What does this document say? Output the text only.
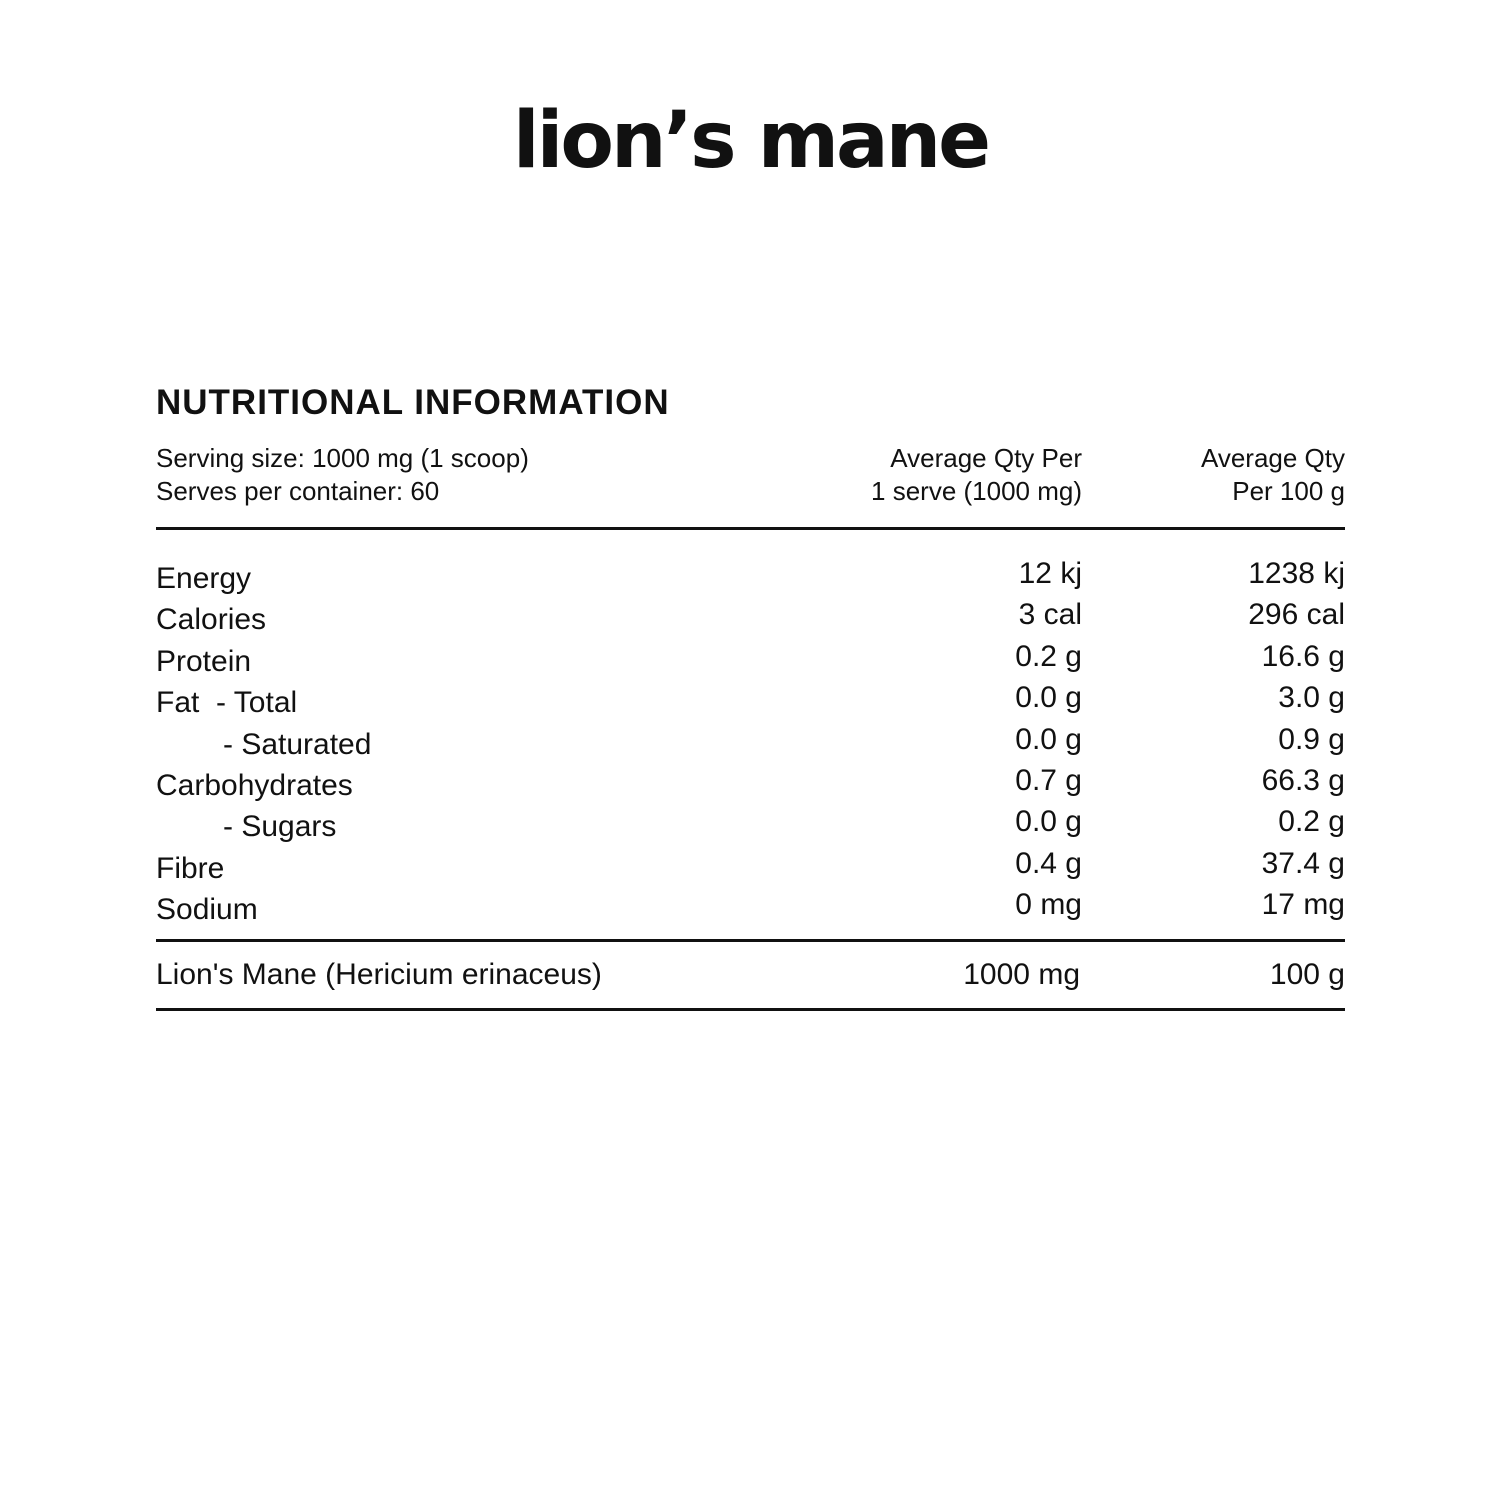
lion’s mane
NUTRITIONAL INFORMATION
Serving size: 1000 mg (1 scoop)
Serves per container: 60
Average Qty Per
1 serve (1000 mg)
Average Qty
Per 100 g
Energy	12 kj	1238 kj
Calories	3 cal	296 cal
Protein	0.2 g	16.6 g
Fat  - Total	0.0 g	3.0 g
- Saturated	0.0 g	0.9 g
Carbohydrates	0.7 g	66.3 g
- Sugars	0.0 g	0.2 g
Fibre	0.4 g	37.4 g
Sodium	0 mg	17 mg
Lion's Mane (Hericium erinaceus)	1000 mg	100 g
